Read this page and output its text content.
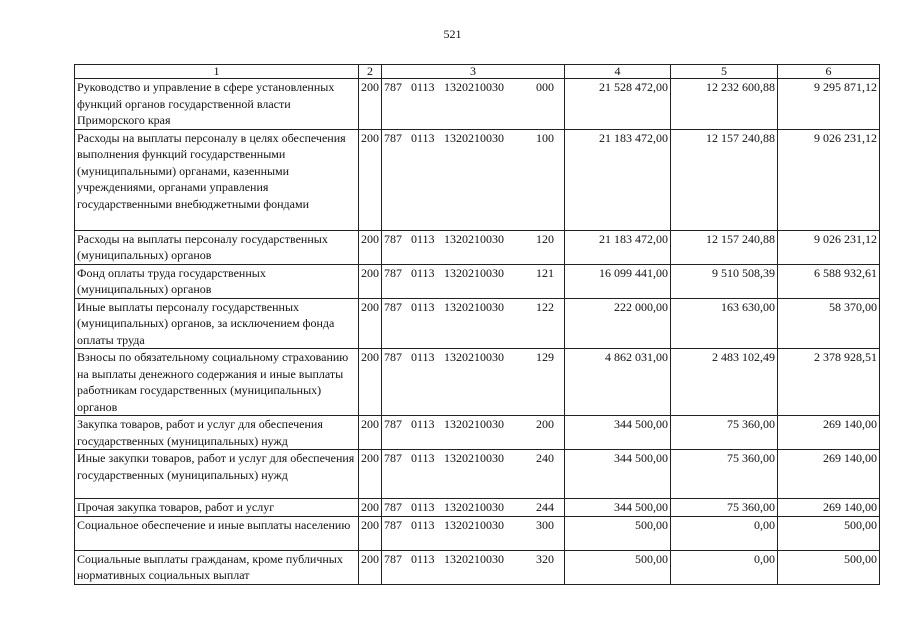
521
1	2	3	4	5	6
Руководство и управление в сфере установленных функций органов государственной власти Приморского края	200	787 0113 1320210030 000	21 528 472,00	12 232 600,88	9 295 871,12
Расходы на выплаты персоналу в целях обеспечения выполнения функций государственными (муниципальными) органами, казенными учреждениями, органами управления государственными внебюджетными фондами	200	787 0113 1320210030 100	21 183 472,00	12 157 240,88	9 026 231,12
Расходы на выплаты персоналу государственных (муниципальных) органов	200	787 0113 1320210030 120	21 183 472,00	12 157 240,88	9 026 231,12
Фонд оплаты труда государственных (муниципальных) органов	200	787 0113 1320210030 121	16 099 441,00	9 510 508,39	6 588 932,61
Иные выплаты персоналу государственных (муниципальных) органов, за исключением фонда оплаты труда	200	787 0113 1320210030 122	222 000,00	163 630,00	58 370,00
Взносы по обязательному социальному страхованию на выплаты денежного содержания и иные выплаты работникам государственных (муниципальных) органов	200	787 0113 1320210030 129	4 862 031,00	2 483 102,49	2 378 928,51
Закупка товаров, работ и услуг для обеспечения государственных (муниципальных) нужд	200	787 0113 1320210030 200	344 500,00	75 360,00	269 140,00
Иные закупки товаров, работ и услуг для обеспечения государственных (муниципальных) нужд	200	787 0113 1320210030 240	344 500,00	75 360,00	269 140,00
Прочая закупка товаров, работ и услуг	200	787 0113 1320210030 244	344 500,00	75 360,00	269 140,00
Социальное обеспечение и иные выплаты населению	200	787 0113 1320210030 300	500,00	0,00	500,00
Социальные выплаты гражданам, кроме публичных нормативных социальных выплат	200	787 0113 1320210030 320	500,00	0,00	500,00
